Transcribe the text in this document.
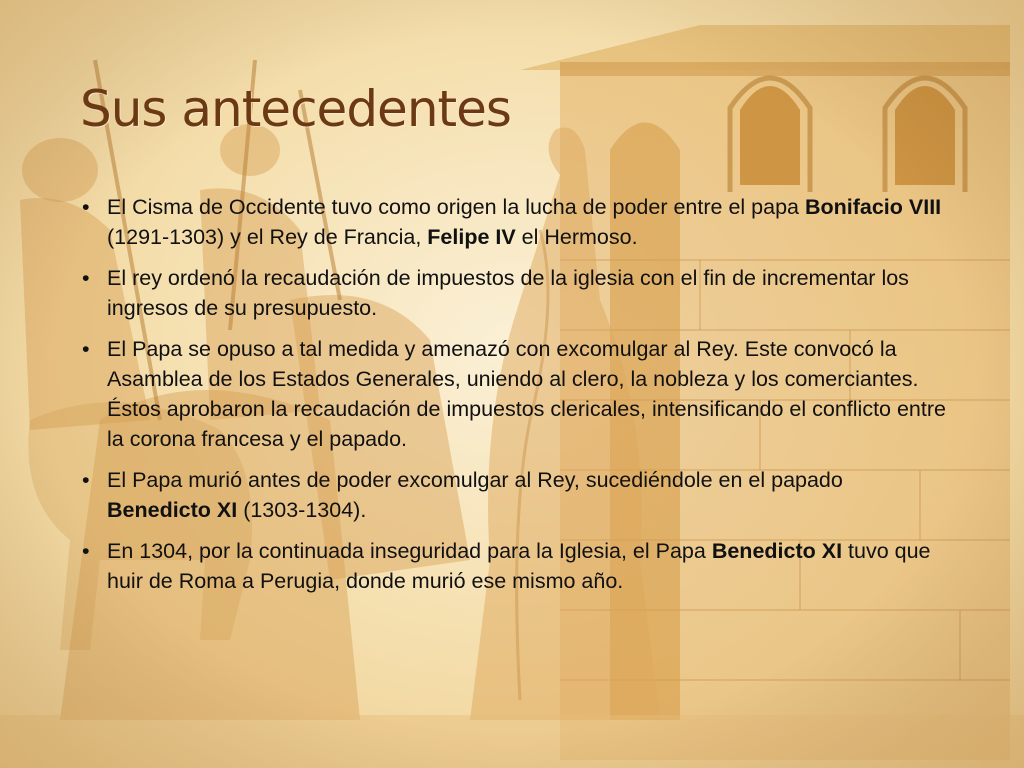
Sus antecedentes
• El Cisma de Occidente tuvo como origen la lucha de poder entre el papa Bonifacio VIII (1291-1303) y el Rey de Francia, Felipe IV el Hermoso.
• El rey ordenó la recaudación de impuestos de la iglesia con el fin de incrementar los ingresos de su presupuesto.
• El Papa se opuso a tal medida y amenazó con excomulgar al Rey. Este convocó la Asamblea de los Estados Generales, uniendo al clero, la nobleza y los comerciantes. Éstos aprobaron la recaudación de impuestos clericales, intensificando el conflicto entre la corona francesa y el papado.
• El Papa murió antes de poder excomulgar al Rey, sucediéndole en el papado Benedicto XI (1303-1304).
• En 1304, por la continuada inseguridad para la Iglesia, el Papa Benedicto XI tuvo que huir de Roma a Perugia, donde murió ese mismo año.
